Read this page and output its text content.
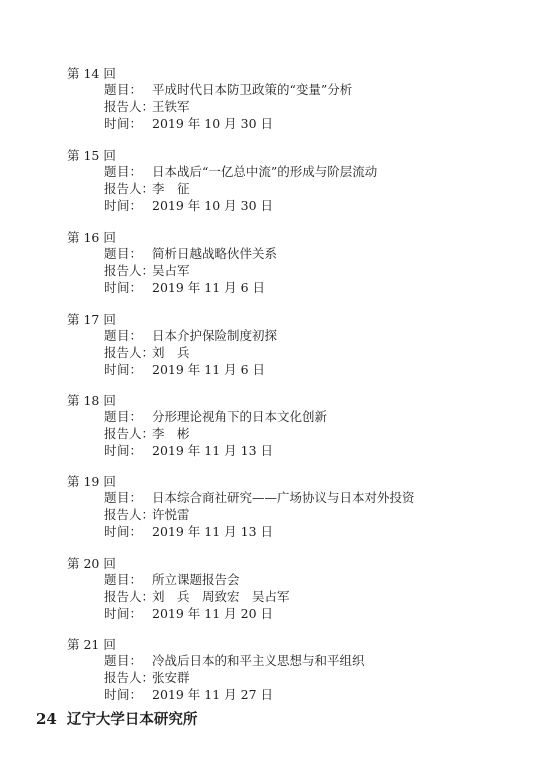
第 14 回
题 目： 平成时代日本防卫政策的“变量”分析
报告人：
王铁军
时 间： 2019 年 10 月 30 日
第 15 回
题 目： 日本战后“一亿总中流”的形成与阶层流动
报告人：
李　征
时 间： 2019 年 10 月 30 日
第 16 回
题 目： 简析日越战略伙伴关系
报告人：
吴占军
时 间： 2019 年 11 月 6 日
第 17 回
题 目： 日本介护保险制度初探
报告人：
刘　兵
时 间： 2019 年 11 月 6 日
第 18 回
题 目： 分形理论视角下的日本文化创新
报告人：
李　彬
时 间： 2019 年 11 月 13 日
第 19 回
题 目： 日本综合商社研究——广场协议与日本对外投资
报告人：
许悦雷
时 间： 2019 年 11 月 13 日
第 20 回
题 目： 所立课题报告会
报告人：
刘　兵　周致宏　吴占军
时 间： 2019 年 11 月 20 日
第 21 回
题 目： 冷战后日本的和平主义思想与和平组织
报告人：
张安群
时 间： 2019 年 11 月 27 日
24 辽宁大学日本研究所
